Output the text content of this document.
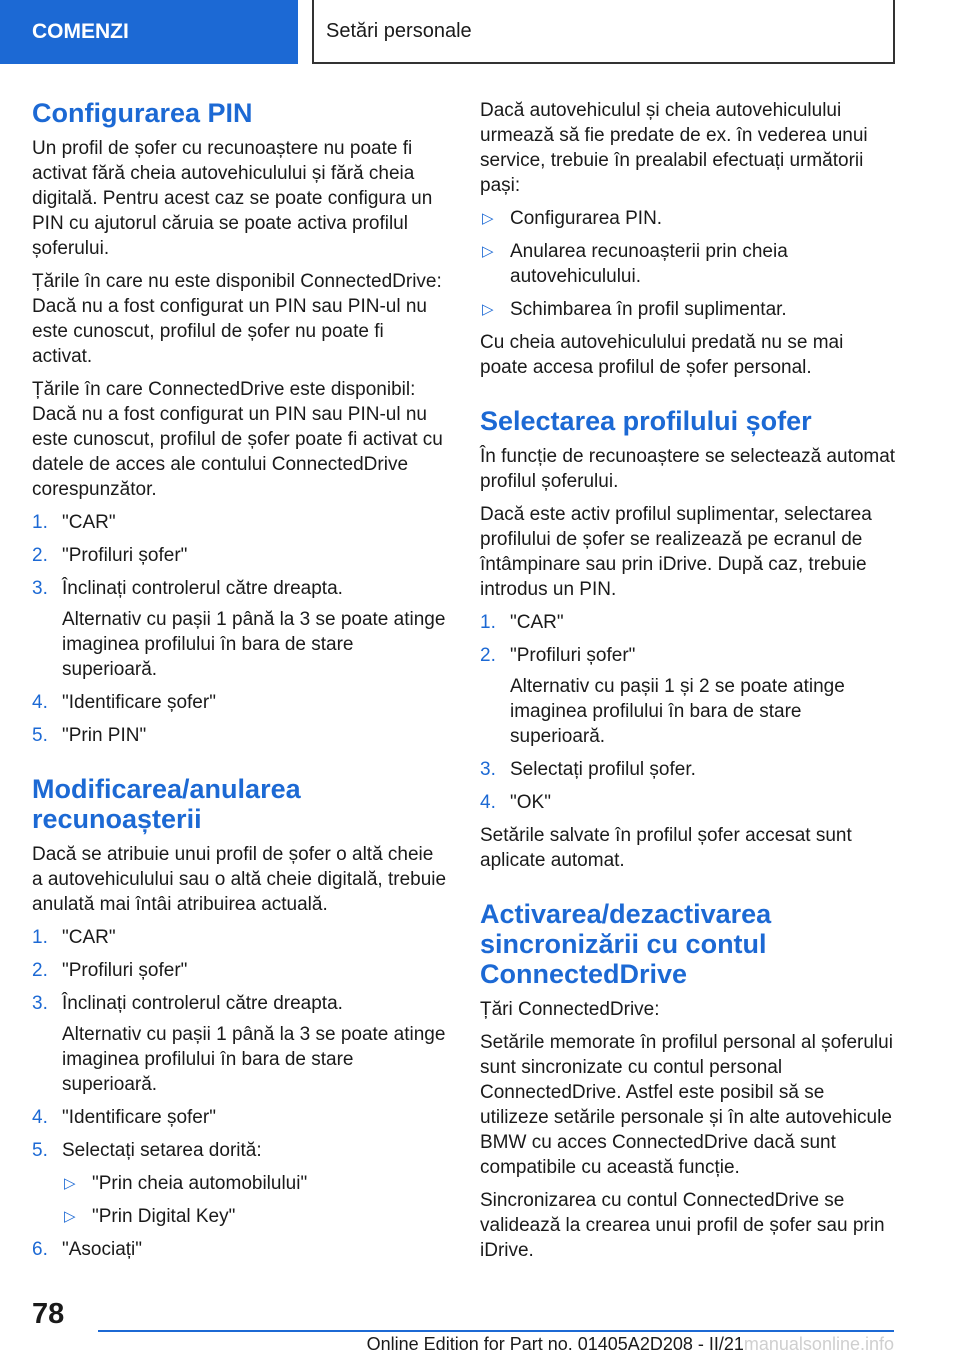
COMENZI	Setări personale
Configurarea PIN

Un profil de șofer cu recunoaștere nu poate fi activat fără cheia autovehiculului și fără cheia digitală. Pentru acest caz se poate configura un PIN cu ajutorul căruia se poate activa profilul șoferului.

Țările în care nu este disponibil ConnectedDrive: Dacă nu a fost configurat un PIN sau PIN-ul nu este cunoscut, profilul de șofer nu poate fi activat.

Țările în care ConnectedDrive este disponibil: Dacă nu a fost configurat un PIN sau PIN-ul nu este cunoscut, profilul de șofer poate fi activat cu datele de acces ale contului ConnectedDrive corespunzător.

1. "CAR"
2. "Profiluri șofer"
3. Înclinați controlerul către dreapta.
Alternativ cu pașii 1 până la 3 se poate atinge imaginea profilului în bara de stare superioară.
4. "Identificare șofer"
5. "Prin PIN"
Modificarea/anularea recunoașterii

Dacă se atribuie unui profil de șofer o altă cheie a autovehiculului sau o altă cheie digitală, trebuie anulată mai întâi atribuirea actuală.

1. "CAR"
2. "Profiluri șofer"
3. Înclinați controlerul către dreapta.
Alternativ cu pașii 1 până la 3 se poate atinge imaginea profilului în bara de stare superioară.
4. "Identificare șofer"
5. Selectați setarea dorită:
▷ "Prin cheia automobilului"
▷ "Prin Digital Key"
6. "Asociați"

Dacă autovehiculul și cheia autovehiculului urmează să fie predate de ex. în vederea unui service, trebuie în prealabil efectuați următorii pași:

▷ Configurarea PIN.
▷ Anularea recunoașterii prin cheia autovehiculului.
▷ Schimbarea în profil suplimentar.

Cu cheia autovehiculului predată nu se mai poate accesa profilul de șofer personal.

Selectarea profilului șofer

În funcție de recunoaștere se selectează automat profilul șoferului.

Dacă este activ profilul suplimentar, selectarea profilului de șofer se realizează pe ecranul de întâmpinare sau prin iDrive. După caz, trebuie introdus un PIN.

1. "CAR"
2. "Profiluri șofer"
Alternativ cu pașii 1 și 2 se poate atinge imaginea profilului în bara de stare superioară.
3. Selectați profilul șofer.
4. "OK"

Setările salvate în profilul șofer accesat sunt aplicate automat.

Activarea/dezactivarea sincronizării cu contul ConnectedDrive

Țări ConnectedDrive:

Setările memorate în profilul personal al șoferului sunt sincronizate cu contul personal ConnectedDrive. Astfel este posibil să se utilizeze setările personale și în alte autovehicule BMW cu acces ConnectedDrive dacă sunt compatibile cu această funcție.

Sincronizarea cu contul ConnectedDrive se validează la crearea unui profil de șofer sau prin iDrive.

78
Online Edition for Part no. 01405A2D208 - II/21manualsonline.info
